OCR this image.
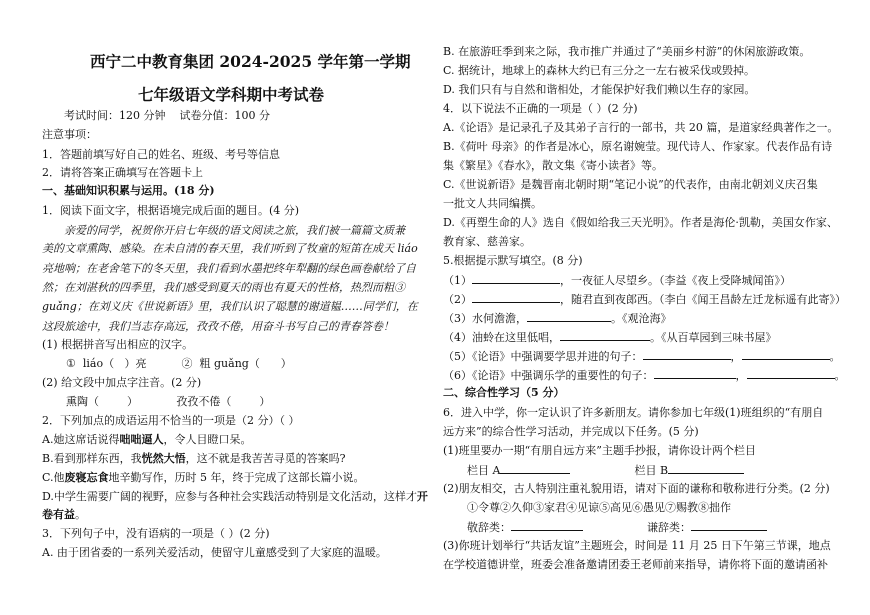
西宁二中教育集团 2024-2025 学年第一学期
七年级语文学科期中考试卷
考试时间：120 分钟    试卷分值：100 分
注意事项：
1．答题前填写好自己的姓名、班级、考号等信息
2．请将答案正确填写在答题卡上
一、基础知识积累与运用。(18 分)
1．阅读下面文字，根据语境完成后面的题目。(4 分)
亲爱的同学，祝贺你开启七年级的语文阅读之旅，我们被一篇篇文质兼
美的文章熏陶、感染。在未自清的春天里，我们听到了牧童的短笛在成天 liáo
亮地响；在老舍笔下的冬天里，我们看到水墨把终年犁翻的绿色画卷献给了自
然；在刘湛秋的四季里，我们感受到夏天的雨也有夏天的性格，热烈而粗③
guǎng；在刘义庆《世说新语》里，我们认识了聪慧的谢道韫……同学们，在
这段旅途中，我们当志存高远，孜孜不倦，用奋斗书写自己的青春答卷！
(1) 根据拼音写出相应的汉字。
①  liáo（   ）亮          ②  粗 guǎng（      ）
(2) 给文段中加点字注音。(2 分)
熏陶（        ）           孜孜不倦（        ）
2．下列加点的成语运用不恰当的一项是（2 分）（ ）
A.她这席话说得咄咄逼人，令人目瞪口呆。
B.看到那样东西，我恍然大悟，这不就是我苦苦寻觅的答案吗?
C.他废寝忘食地辛勤写作，历时 5 年，终于完成了这部长篇小说。
D.中学生需要广阔的视野，应参与各种社会实践活动特别是文化活动，这样才开
卷有益。
3．下列句子中，没有语病的一项是（ ）(2 分)
A. 由于团省委的一系列关爱活动，使留守儿童感受到了大家庭的温暖。
B. 在旅游旺季到来之际，我市推广并通过了“美丽乡村游”的休闲旅游政策。
C. 据统计，地球上的森林大约已有三分之一左右被采伐或毁掉。
D. 我们只有与自然和谐相处，才能保护好我们赖以生存的家园。
4．以下说法不正确的一项是（ ）(2 分)
A.《论语》是记录孔子及其弟子言行的一部书，共 20 篇，是道家经典著作之一。
B.《荷叶 母亲》的作者是冰心，原名谢婉莹。现代诗人、作家家。代表作品有诗
集《繁星》《春水》，散文集《寄小读者》等。
C.《世说新语》是魏晋南北朝时期“笔记小说”的代表作，由南北朝刘义庆召集
一批文人共同编撰。
D.《再塑生命的人》选自《假如给我三天光明》。作者是海伦·凯勒，美国女作家、
教育家、慈善家。
5.根据提示默写填空。(8 分)
（1）	，一夜征人尽望乡。（李益《夜上受降城闻笛》）
（2）	，随君直到夜郎西。（李白《闻王昌龄左迁龙标遥有此寄》）
（3）水何澹澹，	。《观沧海》
（4）油蛉在这里低唱，	。《从百草园到三味书屋》
（5）《论语》中强调要学思并进的句子：	，	。
（6）《论语》中强调乐学的重要性的句子：	，	。
二、综合性学习（5 分）
6．进入中学，你一定认识了许多新朋友。请你参加七年级(1)班组织的“有朋自
远方来”的综合性学习活动，并完成以下任务。(5 分)
(1)班里要办一期“有朋自远方来”主题手抄报，请你设计两个栏目
栏目 A	栏目 B
(2)朋友相交，古人特别注重礼貌用语，请对下面的谦称和敬称进行分类。(2 分)
①令尊②久仰③家君④见谅⑤高见⑥愚见⑦赐教⑧拙作
敬辞类：	谦辞类：
(3)你班计划举行“共话友谊”主题班会，时间是 11 月 25 日下午第三节课，地点
在学校道德讲堂，班委会准备邀请团委王老师前来指导，请你将下面的邀请函补
